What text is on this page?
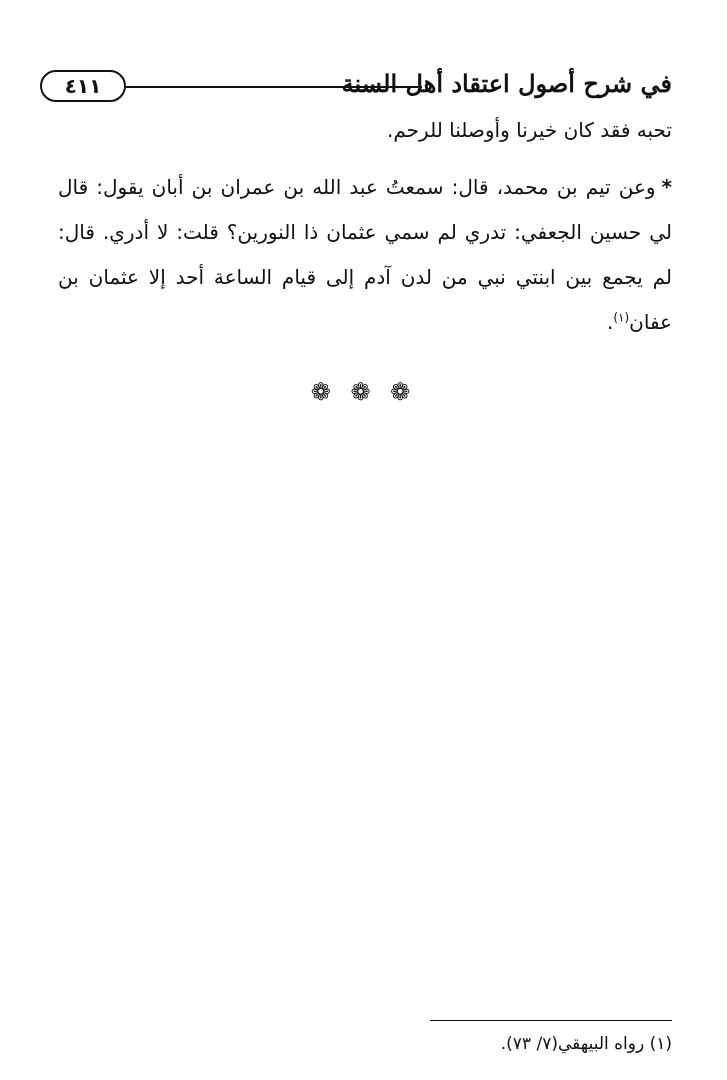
في شرح أصول اعتقاد أهل السنة
٤١١

تحبه فقد كان خيرنا وأوصلنا للرحم.

*وعن تيم بن محمد، قال: سمعتُ عبد الله بن عمران بن أبان يقول: قال لي حسين الجعفي: تدري لم سمي عثمان ذا النورين؟ قلت: لا أدري. قال: لم يجمع بين ابنتي نبي من لدن آدم إلى قيام الساعة أحد إلا عثمان بن عفان$^{(١)}$.

❁ ❁ ❁
(١) رواه البيهقي(٧/ ٧٣).
